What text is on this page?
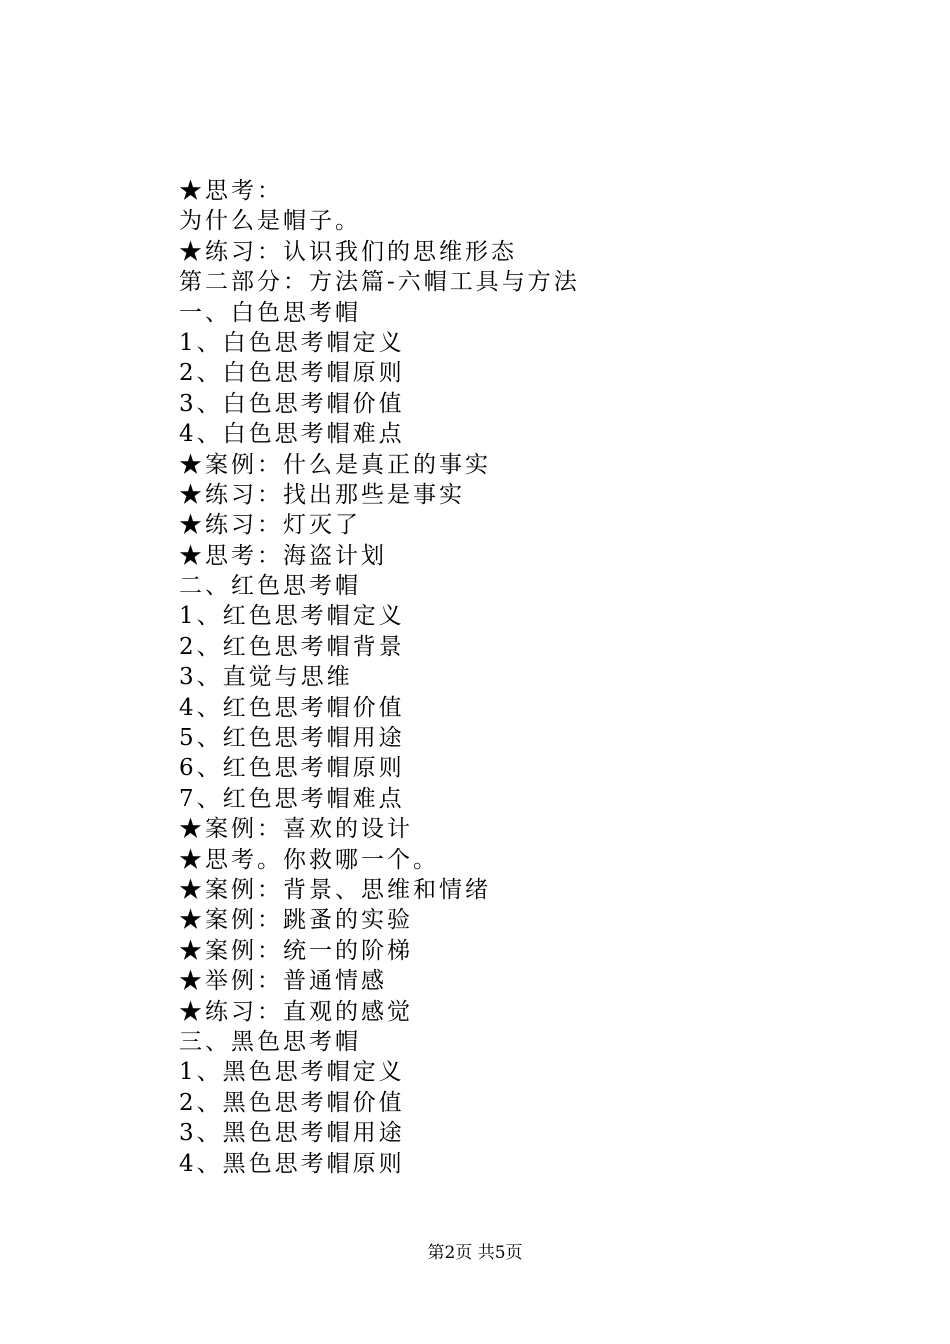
★思考：
为什么是帽子。
★练习：认识我们的思维形态
第二部分：方法篇-六帽工具与方法
一、白色思考帽
1、白色思考帽定义
2、白色思考帽原则
3、白色思考帽价值
4、白色思考帽难点
★案例：什么是真正的事实
★练习：找出那些是事实
★练习：灯灭了
★思考：海盗计划
二、红色思考帽
1、红色思考帽定义
2、红色思考帽背景
3、直觉与思维
4、红色思考帽价值
5、红色思考帽用途
6、红色思考帽原则
7、红色思考帽难点
★案例：喜欢的设计
★思考。你救哪一个。
★案例：背景、思维和情绪
★案例：跳蚤的实验
★案例：统一的阶梯
★举例：普通情感
★练习：直观的感觉
三、黑色思考帽
1、黑色思考帽定义
2、黑色思考帽价值
3、黑色思考帽用途
4、黑色思考帽原则
第2页 共5页
